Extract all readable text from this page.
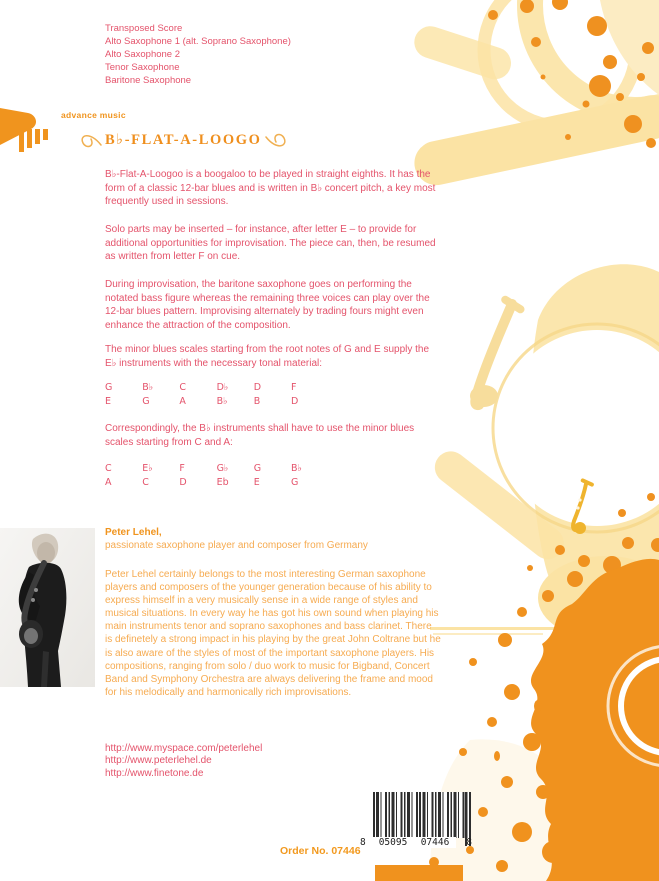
Transposed Score
Alto Saxophone 1 (alt. Soprano Saxophone)
Alto Saxophone 2
Tenor Saxophone
Baritone Saxophone
advance music
B♭-FLAT-A-LOOGO
B♭-Flat-A-Loogoo is a boogaloo to be played in straight eighths. It has the form of a classic 12-bar blues and is written in B♭ concert pitch, a key most frequently used in sessions.
Solo parts may be inserted – for instance, after letter E – to provide for additional opportunities for improvisation. The piece can, then, be resumed as written from letter F on cue.
During improvisation, the baritone saxophone goes on performing the notated bass figure whereas the remaining three voices can play over the 12-bar blues pattern. Improvising alternately by trading fours might even enhance the attraction of the composition.
The minor blues scales starting from the root notes of G and E supply the E♭ instruments with the necessary tonal material:
G	B♭	C	D♭	D	F
E	G	A	B♭	B	D
Correspondingly, the B♭ instruments shall have to use the minor blues scales starting from C and A:
C	E♭	F	G♭	G	B♭
A	C	D	Eb	E	G
Peter Lehel,
passionate saxophone player and composer from Germany
Peter Lehel certainly belongs to the most interesting German saxophone players and composers of the younger generation because of his ability to express himself in a very musically sense in a wide range of styles and musical situations. In every way he has got his own sound when playing his main instruments tenor and soprano saxophones and bass clarinet. There is definetely a strong impact in his playing by the great John Coltrane but he is also aware of the styles of most of the important saxophone players. His compositions, ranging from solo / duo work to music for Bigband, Concert Band and Symphony Orchestra are always delivering the frame and mood for his melodically and harmonically rich improvisations.
http://www.myspace.com/peterlehel
http://www.peterlehel.de
http://www.finetone.de
Order No. 07446
8	05095	07446	8
